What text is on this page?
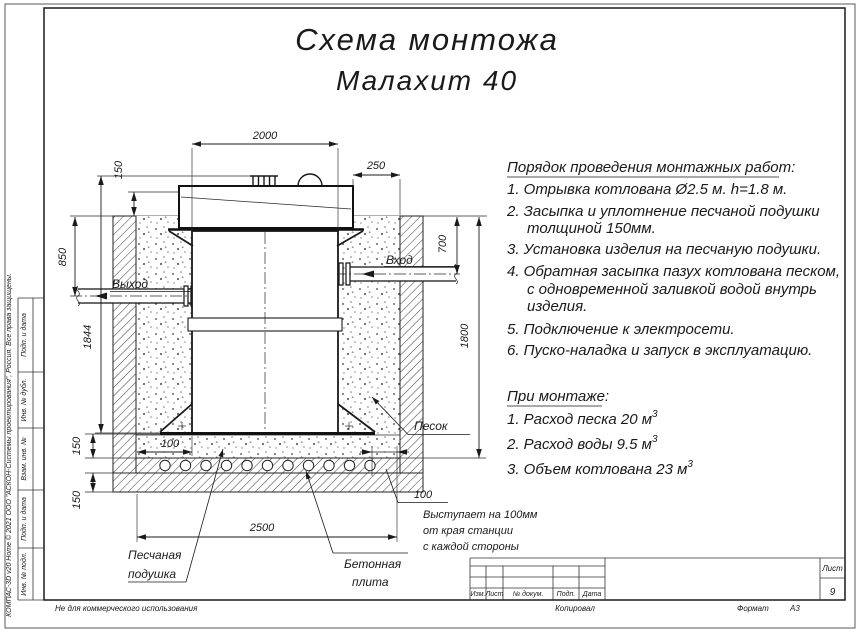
Подп. и дата
Инв. № дубл.
Взам. инв. №
Подп. и дата
Инв. № подл.
КОМПАС-3D v20 Home © 2021 ООО "АСКОН-Системы проектирования", Россия. Все права защищены.	Не для коммерческого использования
Схема монтожа
Малахит 40
Выход
Вход
2000
250
150
850
1844
150
150
700
1800
2500
100
Песок
100
Выступает на 100мм
от края станции
с каждой стороны
Песчаная
подушка
Бетонная
плита
Порядок проведения монтажных работ:
1. Отрывка котлована Ø2.5 м. h=1.8 м.
2. Засыпка и уплотнение песчаной подушки
толщиной 150мм.
3. Установка изделия на песчаную подушки.
4. Обратная засыпка пазух котлована песком,
с одновременной заливкой водой внутрь
изделия.
5. Подключение к электросети.
6. Пуско-наладка и запуск в эксплуатацию.
При монтаже:
1. Расход песка 20 $м^3$
2. Расход воды 9.5 $м^3$
3. Объем котлована 23 $м^3$
Изм. Лист № докум. Подп. Дата
Лист
9
Копировал	Формат	А3
